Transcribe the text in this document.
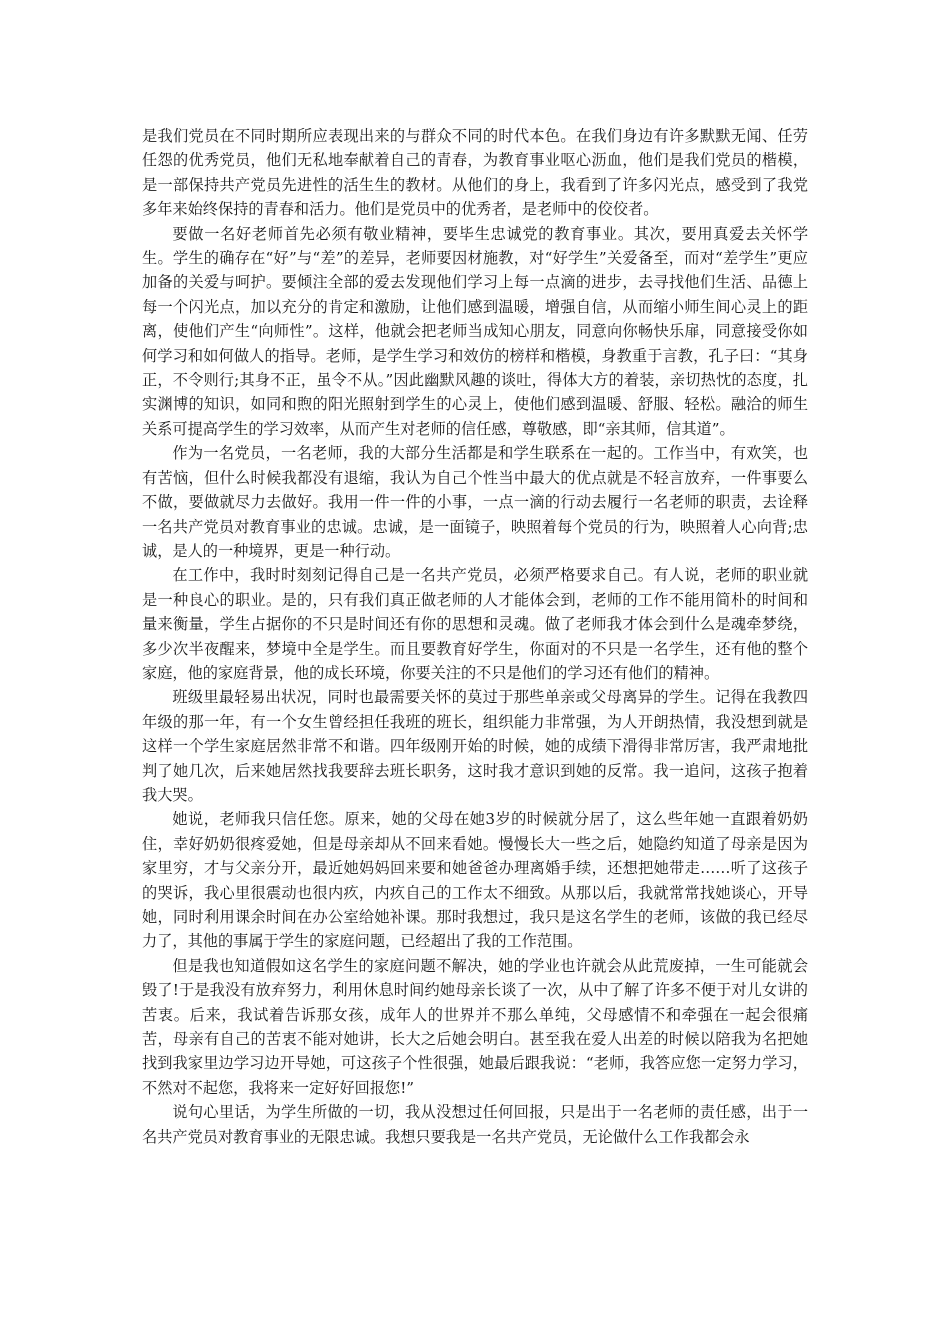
是我们党员在不同时期所应表现出来的与群众不同的时代本色。在我们身边有许多默默无闻、任劳任怨的优秀党员，他们无私地奉献着自己的青春，为教育事业呕心沥血，他们是我们党员的楷模，是一部保持共产党员先进性的活生生的教材。从他们的身上，我看到了许多闪光点，感受到了我党多年来始终保持的青春和活力。他们是党员中的优秀者，是老师中的佼佼者。

要做一名好老师首先必须有敬业精神，要毕生忠诚党的教育事业。其次，要用真爱去关怀学生。学生的确存在“好”与“差”的差异，老师要因材施教，对“好学生”关爱备至，而对“差学生”更应加备的关爱与呵护。要倾注全部的爱去发现他们学习上每一点滴的进步，去寻找他们生活、品德上每一个闪光点，加以充分的肯定和激励，让他们感到温暖，增强自信，从而缩小师生间心灵上的距离，使他们产生“向师性”。这样，他就会把老师当成知心朋友，同意向你畅快乐扉，同意接受你如何学习和如何做人的指导。老师，是学生学习和效仿的榜样和楷模，身教重于言教，孔子曰：“其身正，不令则行;其身不正，虽令不从。”因此幽默风趣的谈吐，得体大方的着装，亲切热忱的态度，扎实渊博的知识，如同和煦的阳光照射到学生的心灵上，使他们感到温暖、舒服、轻松。融洽的师生关系可提高学生的学习效率，从而产生对老师的信任感，尊敬感，即“亲其师，信其道”。

作为一名党员，一名老师，我的大部分生活都是和学生联系在一起的。工作当中，有欢笑，也有苦恼，但什么时候我都没有退缩，我认为自己个性当中最大的优点就是不轻言放弃，一件事要么不做，要做就尽力去做好。我用一件一件的小事，一点一滴的行动去履行一名老师的职责，去诠释一名共产党员对教育事业的忠诚。忠诚，是一面镜子，映照着每个党员的行为，映照着人心向背;忠诚，是人的一种境界，更是一种行动。

在工作中，我时时刻刻记得自己是一名共产党员，必须严格要求自己。有人说，老师的职业就是一种良心的职业。是的，只有我们真正做老师的人才能体会到，老师的工作不能用简朴的时间和量来衡量，学生占据你的不只是时间还有你的思想和灵魂。做了老师我才体会到什么是魂牵梦绕，多少次半夜醒来，梦境中全是学生。而且要教育好学生，你面对的不只是一名学生，还有他的整个家庭，他的家庭背景，他的成长环境，你要关注的不只是他们的学习还有他们的精神。

班级里最轻易出状况，同时也最需要关怀的莫过于那些单亲或父母离异的学生。记得在我教四年级的那一年，有一个女生曾经担任我班的班长，组织能力非常强，为人开朗热情，我没想到就是这样一个学生家庭居然非常不和谐。四年级刚开始的时候，她的成绩下滑得非常厉害，我严肃地批判了她几次，后来她居然找我要辞去班长职务，这时我才意识到她的反常。我一追问，这孩子抱着我大哭。

她说，老师我只信任您。原来，她的父母在她3岁的时候就分居了，这么些年她一直跟着奶奶住，幸好奶奶很疼爱她，但是母亲却从不回来看她。慢慢长大一些之后，她隐约知道了母亲是因为家里穷，才与父亲分开，最近她妈妈回来要和她爸爸办理离婚手续，还想把她带走……听了这孩子的哭诉，我心里很震动也很内疚，内疚自己的工作太不细致。从那以后，我就常常找她谈心，开导她，同时利用课余时间在办公室给她补课。那时我想过，我只是这名学生的老师，该做的我已经尽力了，其他的事属于学生的家庭问题，已经超出了我的工作范围。

但是我也知道假如这名学生的家庭问题不解决，她的学业也许就会从此荒废掉，一生可能就会毁了!于是我没有放弃努力，利用休息时间约她母亲长谈了一次，从中了解了许多不便于对儿女讲的苦衷。后来，我试着告诉那女孩，成年人的世界并不那么单纯，父母感情不和牵强在一起会很痛苦，母亲有自己的苦衷不能对她讲，长大之后她会明白。甚至我在爱人出差的时候以陪我为名把她找到我家里边学习边开导她，可这孩子个性很强，她最后跟我说：“老师，我答应您一定努力学习，不然对不起您，我将来一定好好回报您!”

说句心里话，为学生所做的一切，我从没想过任何回报，只是出于一名老师的责任感，出于一名共产党员对教育事业的无限忠诚。我想只要我是一名共产党员，无论做什么工作我都会永
